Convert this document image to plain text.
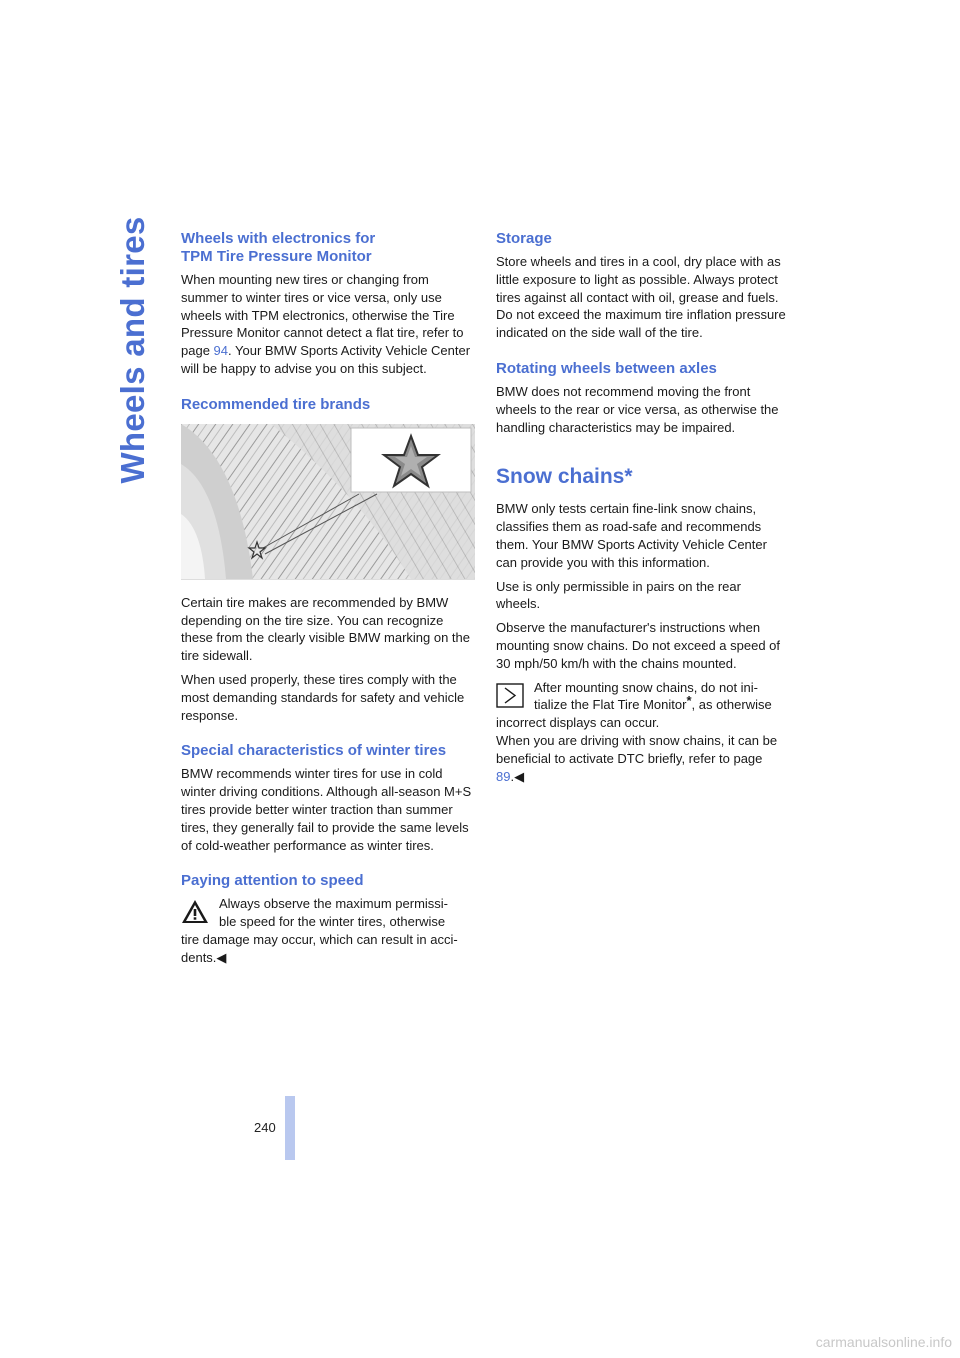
Wheels and tires
240
Wheels with electronics for
TPM Tire Pressure Monitor

When mounting new tires or changing from summer to winter tires or vice versa, only use wheels with TPM electronics, otherwise the Tire Pressure Monitor cannot detect a flat tire, refer to page 94. Your BMW Sports Activity Vehicle Center will be happy to advise you on this subject.

Recommended tire brands

Certain tire makes are recommended by BMW depending on the tire size. You can recognize these from the clearly visible BMW marking on the tire sidewall.

When used properly, these tires comply with the most demanding standards for safety and vehicle response.

Special characteristics of winter tires

BMW recommends winter tires for use in cold winter driving conditions. Although all-season M+S tires provide better winter traction than summer tires, they generally fail to provide the same levels of cold-weather performance as winter tires.

Paying attention to speed

Always observe the maximum permissi-

ble speed for the winter tires, otherwise

tire damage may occur, which can result in acci-dents.◀

Storage

Store wheels and tires in a cool, dry place with as little exposure to light as possible. Always protect tires against all contact with oil, grease and fuels. Do not exceed the maximum tire inflation pressure indicated on the side wall of the tire.

Rotating wheels between axles

BMW does not recommend moving the front wheels to the rear or vice versa, as otherwise the handling characteristics may be impaired.

Snow chains*

BMW only tests certain fine-link snow chains, classifies them as road-safe and recommends them. Your BMW Sports Activity Vehicle Center can provide you with this information.

Use is only permissible in pairs on the rear wheels.

Observe the manufacturer's instructions when mounting snow chains. Do not exceed a speed of 30 mph/50 km/h with the chains mounted.

After mounting snow chains, do not ini-

tialize the Flat Tire Monitor*, as otherwise

incorrect displays can occur.

When you are driving with snow chains, it can be beneficial to activate DTC briefly, refer to page 89.◀

carmanualsonline.info
